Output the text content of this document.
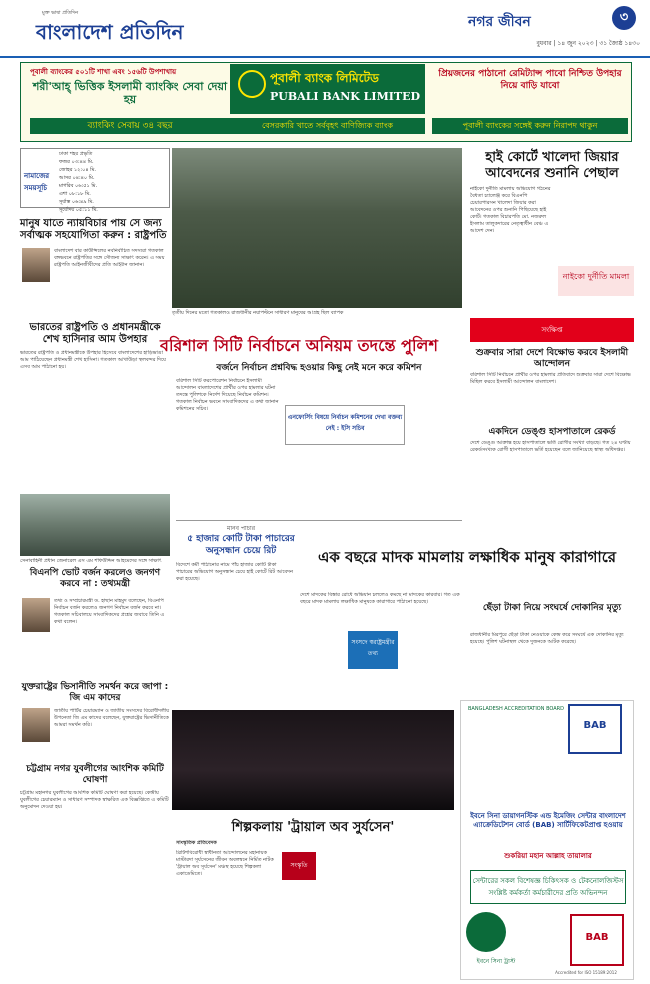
মুক্ত ভাষা প্রতিদিন
বাংলাদেশ প্রতিদিন	নগর জীবন	৩
বুধবার | ১৪ জুন ২০২৩ | ৩১ জ্যৈষ্ঠ ১৪৩০
পূবালী ব্যাংকের ৫০১টি শাখা এবং ১৫৬টি উপশাখায়
শরী'আহ্‌ ভিত্তিক ইসলামী ব্যাংকিং সেবা দেয়া হয়
ব্যাংকিং সেবায় ৩৪ বছর
পূবালী ব্যাংক লিমিটেড
PUBALI BANK LIMITED
বেসরকারি খাতে সর্ববৃহৎ বাণিজ্যিক ব্যাংক
প্রিয়জনের পাঠানো রেমিট্যান্স পাবো নিশ্চিত উপহার নিয়ে বাড়ি যাবো
পূবালী ব্যাংকের সঙ্গেই করুন নিরাপদ থাকুন
ঢাকা শহর প্রভৃতি
ফজর ০৩:৪৪ মি.
জোহর ১২:০৪ মি.
আসর ০৪:৪০ মি.
মাগরিব ০৬:৫১ মি.
এশা ০৮:১৮ মি.
সূর্যাস্ত ০৬:৪৯ মি.
সূর্যোদয় ০৫:১১ মি.
নামাজের সময়সূচি
তৃতীয় দিনের মতো গতকালও রাজধানীর নয়াপল্টনে সাধারণ মানুষের আগ্রহ ছিল ব্যাপক
হাই কোর্টে খালেদা জিয়ার আবেদনের শুনানি পেছাল
নাইকো দুর্নীতি মামলায় অভিযোগ গঠনের বৈধতা চ্যালেঞ্জ করে বিএনপি চেয়ারপারসন খালেদা জিয়ার করা আবেদনের ওপর শুনানি পিছিয়েছে হাই কোর্ট। গতকাল বিচারপতি মো. নজরুল ইসলাম তালুকদারের নেতৃত্বাধীন বেঞ্চ এ আদেশ দেন।
নাইকো দুর্নীতি মামলা
মানুষ যাতে ন্যায়বিচার পায় সে জন্য সর্বাত্মক সহযোগিতা করুন : রাষ্ট্রপতি
বাংলাদেশ বার কাউন্সিলের নবনির্বাচিত সদস্যরা গতকাল বঙ্গভবনে রাষ্ট্রপতির সঙ্গে সৌজন্য সাক্ষাৎ করেন। এ সময় রাষ্ট্রপতি আইনজীবীদের প্রতি আহ্বান জানান।
ভারতের রাষ্ট্রপতি ও প্রধানমন্ত্রীকে শেখ হাসিনার আম উপহার
ভারতের রাষ্ট্রপতি ও প্রধানমন্ত্রীকে উপহার হিসেবে বাংলাদেশের হাড়িভাঙা আম পাঠিয়েছেন প্রধানমন্ত্রী শেখ হাসিনা। গতকাল আখাউড়া স্থলবন্দর দিয়ে এসব আম পাঠানো হয়।
সেনাবাহিনী প্রধান জেনারেল এস এম শফিউদ্দিন আহমেদের সঙ্গে সাক্ষাৎ
বিএনপি ভোট বর্জন করলেও জনগণ করবে না : তথ্যমন্ত্রী
তথ্য ও সম্প্রচারমন্ত্রী ড. হাছান মাহমুদ বলেছেন, বিএনপি নির্বাচন বর্জন করলেও জনগণ নির্বাচন বর্জন করবে না। গতকাল সচিবালয়ে সাংবাদিকদের প্রশ্নের জবাবে তিনি এ কথা বলেন।
যুক্তরাষ্ট্রের ভিসানীতি সমর্থন করে জাপা : জি এম কাদের
জাতীয় পার্টির চেয়ারম্যান ও জাতীয় সংসদের বিরোধীদলীয় উপনেতা জি এম কাদের বলেছেন, যুক্তরাষ্ট্রের ভিসানীতিকে আমরা সমর্থন করি।
চট্টগ্রাম নগর যুবলীগের আংশিক কমিটি ঘোষণা
চট্টগ্রাম মহানগর যুবলীগের আংশিক কমিটি ঘোষণা করা হয়েছে। কেন্দ্রীয় যুবলীগের চেয়ারম্যান ও সাধারণ সম্পাদক স্বাক্ষরিত এক বিজ্ঞপ্তিতে এ কমিটি অনুমোদন দেওয়া হয়।
বরিশাল সিটি নির্বাচনে অনিয়ম তদন্তে পুলিশ
বর্জনে নির্বাচন প্রশ্নবিদ্ধ হওয়ার কিছু নেই মনে করে কমিশন
বরিশাল সিটি করপোরেশন নির্বাচনে ইসলামী আন্দোলন বাংলাদেশের প্রার্থীর ওপর হামলার ঘটনা তদন্তে পুলিশকে নির্দেশ দিয়েছে নির্বাচন কমিশন। গতকাল নির্বাচন ভবনে সাংবাদিকদের এ কথা জানান কমিশনের সচিব।
এনফোর্সিং বিষয়ে নির্বাচন কমিশনের দেখা বক্তব্য নেই : ইসি সচিব
মানব পাচার
৫ হাজার কোটি টাকা পাচারের অনুসন্ধান চেয়ে রিট
বিদেশে কর্মী পাঠানোর নামে পাঁচ হাজার কোটি টাকা পাচারের অভিযোগ অনুসন্ধান চেয়ে হাই কোর্টে রিট আবেদন করা হয়েছে।
এক বছরে মাদক মামলায় লক্ষাধিক মানুষ কারাগারে
দেশে মাদকের বিস্তার রোধে অভিযান চললেও কমছে না মাদকের কারবার। গত এক বছরে মাদক মামলায় লক্ষাধিক মানুষকে কারাগারে পাঠানো হয়েছে।
সংসদে স্বরাষ্ট্রমন্ত্রীর তথ্য
সংক্ষিপ্ত
শুক্রবার সারা দেশে বিক্ষোভ করবে ইসলামী আন্দোলন
বরিশাল সিটি নির্বাচনে প্রার্থীর ওপর হামলার প্রতিবাদে শুক্রবার সারা দেশে বিক্ষোভ মিছিল করবে ইসলামী আন্দোলন বাংলাদেশ।
একদিনে ডেঙ্গু হাসপাতালে রেকর্ড
দেশে ডেঙ্গু আক্রান্ত হয়ে হাসপাতালে ভর্তি রোগীর সংখ্যা বাড়ছে। গত ২৪ ঘণ্টায় রেকর্ডসংখ্যক রোগী হাসপাতালে ভর্তি হয়েছেন বলে জানিয়েছে স্বাস্থ্য অধিদপ্তর।
ছেঁড়া টাকা নিয়ে সংঘর্ষে দোকানির মৃত্যু
রাজধানীর মিরপুরে ছেঁড়া টাকা নেওয়াকে কেন্দ্র করে সংঘর্ষে এক দোকানির মৃত্যু হয়েছে। পুলিশ ঘটনাস্থল থেকে দুজনকে আটক করেছে।
শিল্পকলায় 'ট্রায়াল অব সুর্যসেন'
সাংস্কৃতিক প্রতিবেদক
ব্রিটিশবিরোধী স্বাধীনতা আন্দোলনের মহানায়ক মাস্টারদা সূর্যসেনের জীবন অবলম্বনে নির্মিত নাটক 'ট্রায়াল অব সূর্যসেন' মঞ্চস্থ হয়েছে শিল্পকলা একাডেমিতে।
সংস্কৃতি
BANGLADESH ACCREDITATION BOARD
BAB
ইবনে সিনা ডায়াগনস্টিক এন্ড ইমেজিং সেন্টার বাংলাদেশ এ্যাক্রেডিটেশন বোর্ড (BAB) সার্টিফিকেটপ্রাপ্ত হওয়ায়
শুকরিয়া মহান আল্লাহ তায়ালার
সেন্টারের সকল বিশেষজ্ঞ চিকিৎসক ও টেকনোলজিস্টস সংশ্লিষ্ট কর্মকর্তা কর্মচারীদের প্রতি অভিনন্দন
ইবনে সিনা ট্রাস্ট
BAB
Accredited for ISO 15189:2012
